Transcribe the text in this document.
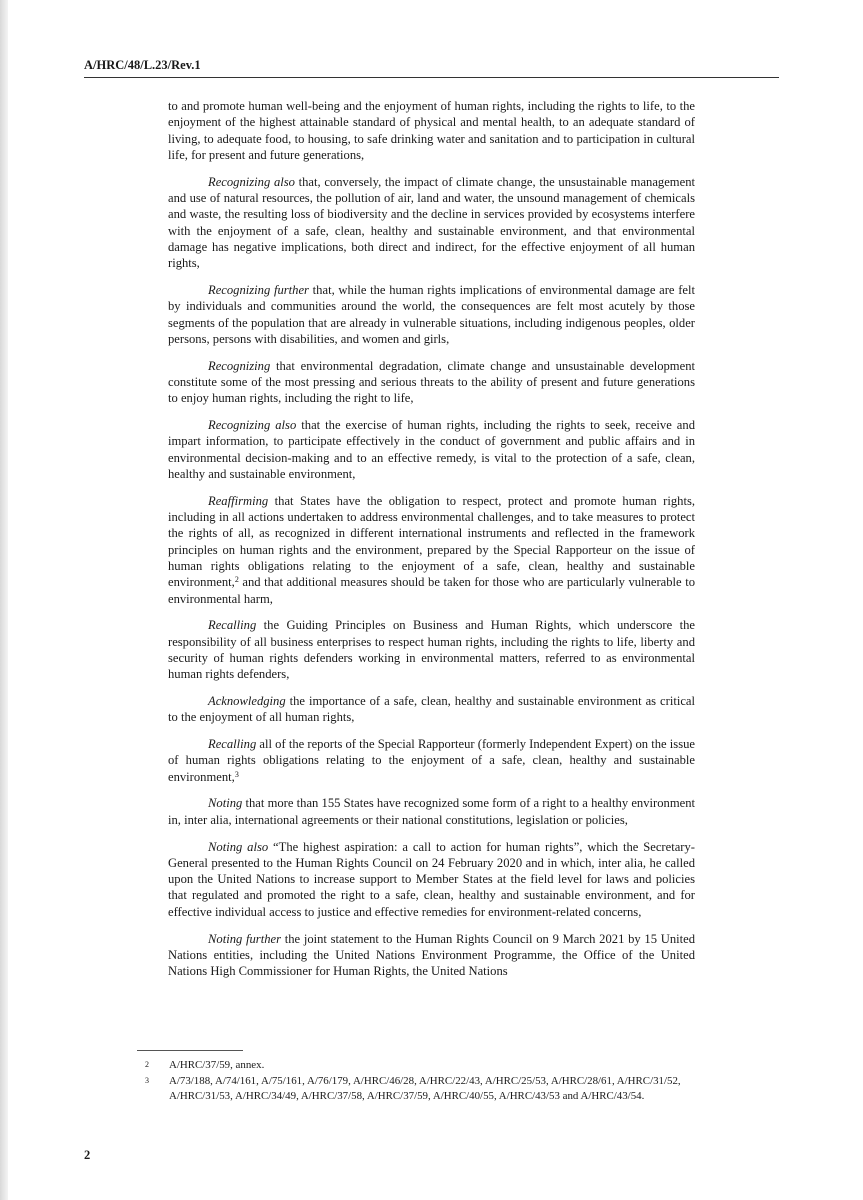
A/HRC/48/L.23/Rev.1

to and promote human well-being and the enjoyment of human rights, including the rights to life, to the enjoyment of the highest attainable standard of physical and mental health, to an adequate standard of living, to adequate food, to housing, to safe drinking water and sanitation and to participation in cultural life, for present and future generations,

Recognizing also that, conversely, the impact of climate change, the unsustainable management and use of natural resources, the pollution of air, land and water, the unsound management of chemicals and waste, the resulting loss of biodiversity and the decline in services provided by ecosystems interfere with the enjoyment of a safe, clean, healthy and sustainable environment, and that environmental damage has negative implications, both direct and indirect, for the effective enjoyment of all human rights,

Recognizing further that, while the human rights implications of environmental damage are felt by individuals and communities around the world, the consequences are felt most acutely by those segments of the population that are already in vulnerable situations, including indigenous peoples, older persons, persons with disabilities, and women and girls,

Recognizing that environmental degradation, climate change and unsustainable development constitute some of the most pressing and serious threats to the ability of present and future generations to enjoy human rights, including the right to life,

Recognizing also that the exercise of human rights, including the rights to seek, receive and impart information, to participate effectively in the conduct of government and public affairs and in environmental decision-making and to an effective remedy, is vital to the protection of a safe, clean, healthy and sustainable environment,

Reaffirming that States have the obligation to respect, protect and promote human rights, including in all actions undertaken to address environmental challenges, and to take measures to protect the rights of all, as recognized in different international instruments and reflected in the framework principles on human rights and the environment, prepared by the Special Rapporteur on the issue of human rights obligations relating to the enjoyment of a safe, clean, healthy and sustainable environment,$^2$ and that additional measures should be taken for those who are particularly vulnerable to environmental harm,

Recalling the Guiding Principles on Business and Human Rights, which underscore the responsibility of all business enterprises to respect human rights, including the rights to life, liberty and security of human rights defenders working in environmental matters, referred to as environmental human rights defenders,

Acknowledging the importance of a safe, clean, healthy and sustainable environment as critical to the enjoyment of all human rights,

Recalling all of the reports of the Special Rapporteur (formerly Independent Expert) on the issue of human rights obligations relating to the enjoyment of a safe, clean, healthy and sustainable environment,$^3$

Noting that more than 155 States have recognized some form of a right to a healthy environment in, inter alia, international agreements or their national constitutions, legislation or policies,

Noting also “The highest aspiration: a call to action for human rights”, which the Secretary-General presented to the Human Rights Council on 24 February 2020 and in which, inter alia, he called upon the United Nations to increase support to Member States at the field level for laws and policies that regulated and promoted the right to a safe, clean, healthy and sustainable environment, and for effective individual access to justice and effective remedies for environment-related concerns,

Noting further the joint statement to the Human Rights Council on 9 March 2021 by 15 United Nations entities, including the United Nations Environment Programme, the Office of the United Nations High Commissioner for Human Rights, the United Nations

2	A/HRC/37/59, annex.
3	A/73/188, A/74/161, A/75/161, A/76/179, A/HRC/46/28, A/HRC/22/43, A/HRC/25/53, A/HRC/28/61, A/HRC/31/52, A/HRC/31/53, A/HRC/34/49, A/HRC/37/58, A/HRC/37/59, A/HRC/40/55, A/HRC/43/53 and A/HRC/43/54.
2
